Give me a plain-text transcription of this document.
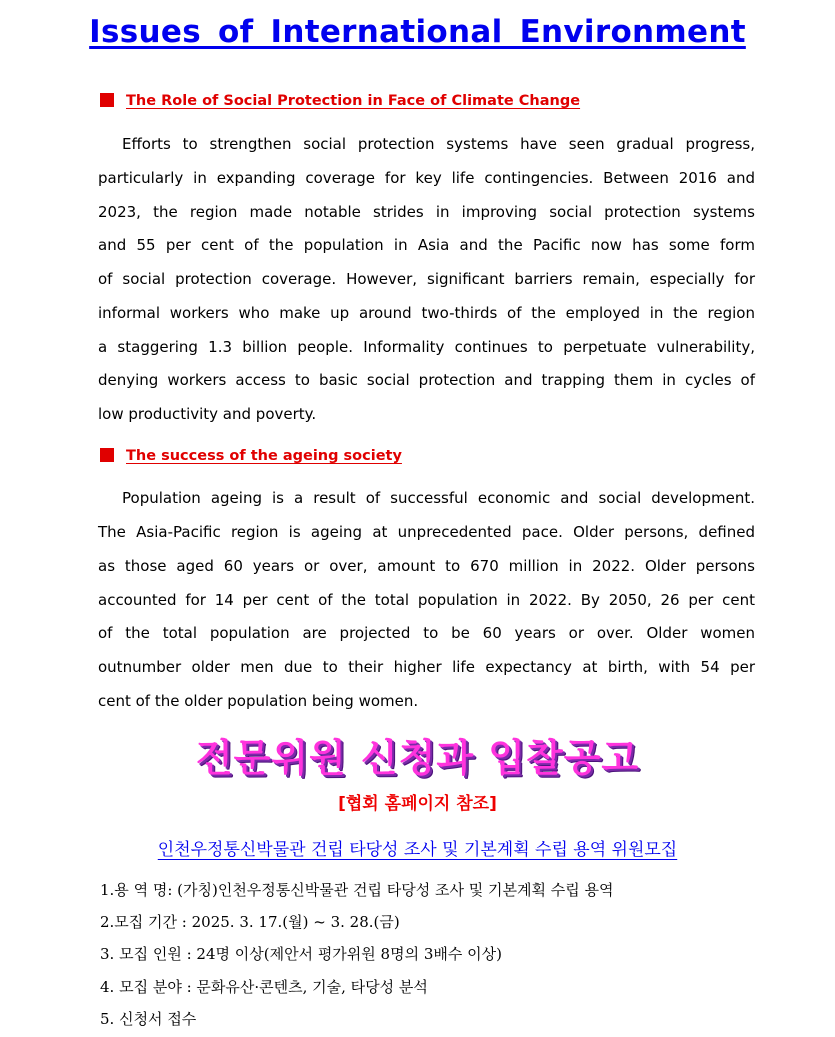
Issues of International Environment
The Role of Social Protection in Face of Climate Change
Efforts to strengthen social protection systems have seen gradual progress,
particularly in expanding coverage for key life contingencies. Between 2016 and
2023, the region made notable strides in improving social protection systems
and 55 per cent of the population in Asia and the Pacific now has some form
of social protection coverage. However, significant barriers remain, especially for
informal workers who make up around two-thirds of the employed in the region
a staggering 1.3 billion people. Informality continues to perpetuate vulnerability,
denying workers access to basic social protection and trapping them in cycles of
low productivity and poverty.
The success of the ageing society
Population ageing is a result of successful economic and social development.
The Asia-Pacific region is ageing at unprecedented pace. Older persons, defined
as those aged 60 years or over, amount to 670 million in 2022. Older persons
accounted for 14 per cent of the total population in 2022. By 2050, 26 per cent
of the total population are projected to be 60 years or over. Older women
outnumber older men due to their higher life expectancy at birth, with 54 per
cent of the older population being women.
전문위원 신청과 입찰공고
[협회 홈페이지 참조]
인천우정통신박물관 건립 타당성 조사 및 기본계획 수립 용역 위원모집
1.용 역 명: (가칭)인천우정통신박물관 건립 타당성 조사 및 기본계획 수립 용역
2.모집 기간 : 2025. 3. 17.(월) ~ 3. 28.(금)
3. 모집 인원 : 24명 이상(제안서 평가위원 8명의 3배수 이상)
4. 모집 분야 : 문화유산·콘텐츠, 기술, 타당성 분석
5. 신청서 접수
